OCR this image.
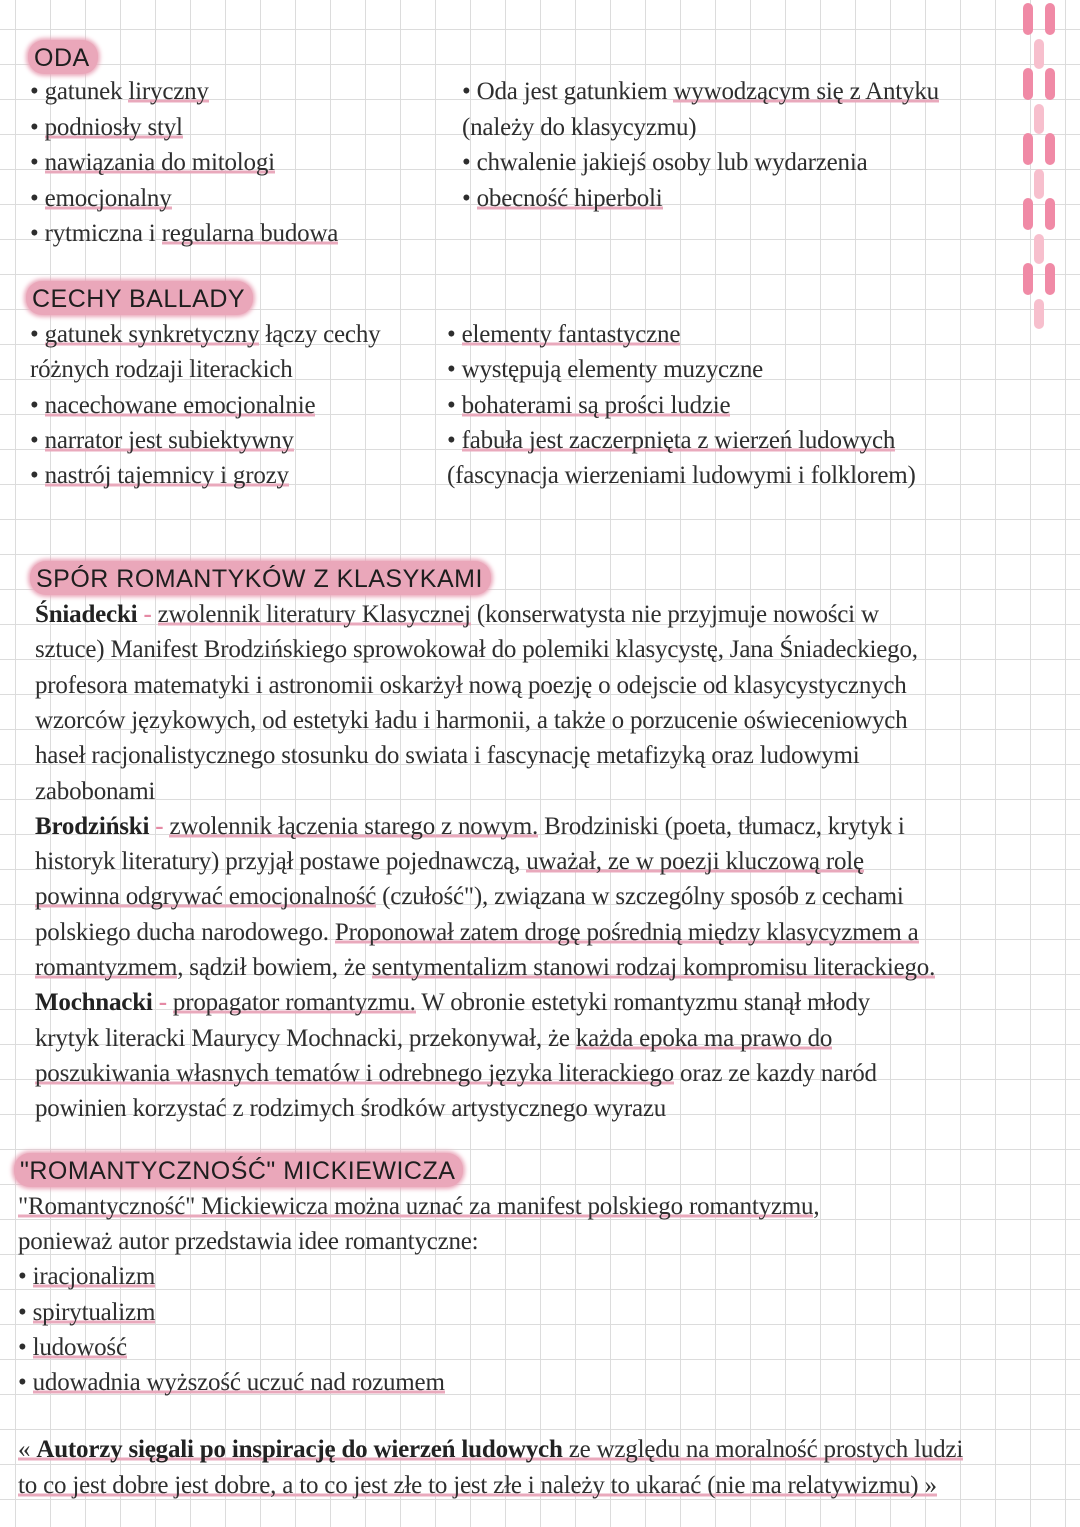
ODA
• gatunek liryczny
• podniosły styl
• nawiązania do mitologi
• emocjonalny
• rytmiczna i regularna budowa
• Oda jest gatunkiem wywodzącym się z Antyku
(należy do klasycyzmu)
• chwalenie jakiejś osoby lub wydarzenia
• obecność hiperboli
CECHY BALLADY
• gatunek synkretyczny łączy cechy
różnych rodzaji literackich
• nacechowane emocjonalnie
• narrator jest subiektywny
• nastrój tajemnicy i grozy
• elementy fantastyczne
• występują elementy muzyczne
• bohaterami są prości ludzie
• fabuła jest zaczerpnięta z wierzeń ludowych
(fascynacja wierzeniami ludowymi i folklorem)
SPÓR ROMANTYKÓW Z KLASYKAMI
Śniadecki - zwolennik literatury Klasycznej (konserwatysta nie przyjmuje nowości w
sztuce) Manifest Brodzińskiego sprowokował do polemiki klasycystę, Jana Śniadeckiego,
profesora matematyki i astronomii oskarżył nową poezję o odejscie od klasycystycznych
wzorców językowych, od estetyki ładu i harmonii, a także o porzucenie oświeceniowych
haseł racjonalistycznego stosunku do swiata i fascynację metafizyką oraz ludowymi
zabobonami
Brodziński - zwolennik łączenia starego z nowym. Brodziniski (poeta, tłumacz, krytyk i
historyk literatury) przyjął postawe pojednawczą, uważał, ze w poezji kluczową rolę
powinna odgrywać emocjonalność (czułość"), związana w szczególny sposób z cechami
polskiego ducha narodowego. Proponował zatem drogę pośrednią między klasycyzmem a
romantyzmem, sądził bowiem, że sentymentalizm stanowi rodzaj kompromisu literackiego.
Mochnacki - propagator romantyzmu. W obronie estetyki romantyzmu stanął młody
krytyk literacki Maurycy Mochnacki, przekonywał, że każda epoka ma prawo do
poszukiwania własnych tematów i odrebnego języka literackiego oraz ze kazdy naród
powinien korzystać z rodzimych środków artystycznego wyrazu
"ROMANTYCZNOŚĆ" MICKIEWICZA
"Romantyczność" Mickiewicza można uznać za manifest polskiego romantyzmu,
ponieważ autor przedstawia idee romantyczne:
• iracjonalizm
• spirytualizm
• ludowość
• udowadnia wyższość uczuć nad rozumem
« Autorzy sięgali po inspirację do wierzeń ludowych ze względu na moralność prostych ludzi
to co jest dobre jest dobre, a to co jest złe to jest złe i należy to ukarać (nie ma relatywizmu) »
